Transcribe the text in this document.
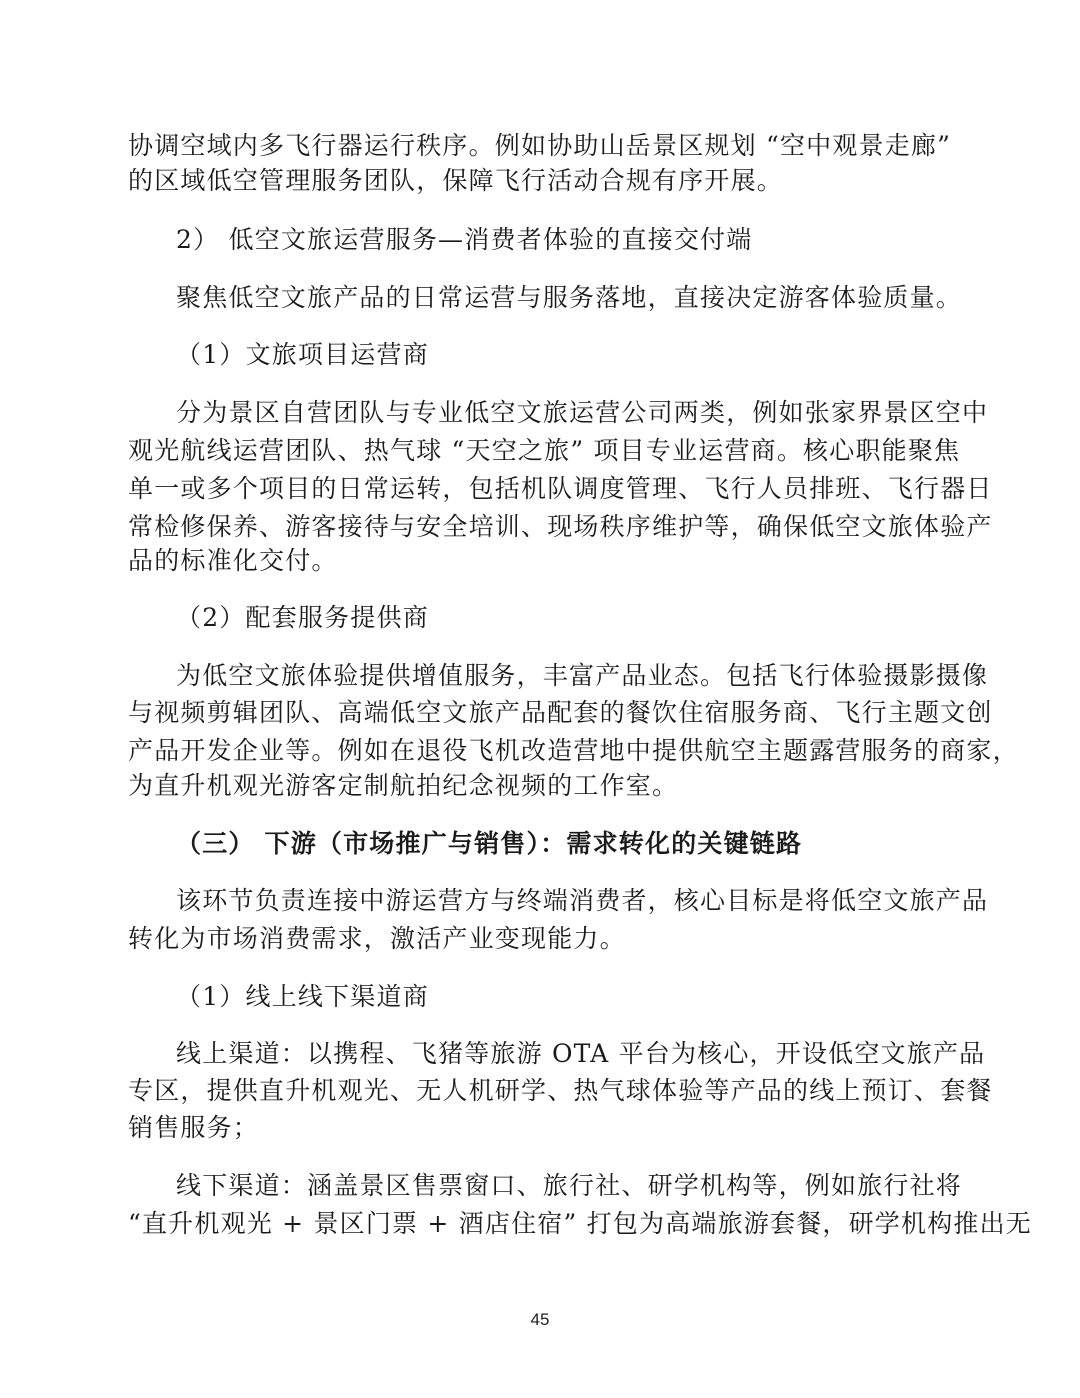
协调空域内多飞行器运行秩序。例如协助山岳景区规划 “空中观景走廊”
的区域低空管理服务团队，保障飞行活动合规有序开展。
2） 低空文旅运营服务—消费者体验的直接交付端
聚焦低空文旅产品的日常运营与服务落地，直接决定游客体验质量。
（1）文旅项目运营商
分为景区自营团队与专业低空文旅运营公司两类，例如张家界景区空中
观光航线运营团队、热气球 “天空之旅” 项目专业运营商。核心职能聚焦
单一或多个项目的日常运转，包括机队调度管理、飞行人员排班、飞行器日
常检修保养、游客接待与安全培训、现场秩序维护等，确保低空文旅体验产
品的标准化交付。
（2）配套服务提供商
为低空文旅体验提供增值服务，丰富产品业态。包括飞行体验摄影摄像
与视频剪辑团队、高端低空文旅产品配套的餐饮住宿服务商、飞行主题文创
产品开发企业等。例如在退役飞机改造营地中提供航空主题露营服务的商家，
为直升机观光游客定制航拍纪念视频的工作室。
（三） 下游（市场推广与销售）：需求转化的关键链路
该环节负责连接中游运营方与终端消费者，核心目标是将低空文旅产品
转化为市场消费需求，激活产业变现能力。
（1）线上线下渠道商
线上渠道：以携程、飞猪等旅游 OTA 平台为核心，开设低空文旅产品
专区，提供直升机观光、无人机研学、热气球体验等产品的线上预订、套餐
销售服务；
线下渠道：涵盖景区售票窗口、旅行社、研学机构等，例如旅行社将
“直升机观光 + 景区门票 + 酒店住宿” 打包为高端旅游套餐，研学机构推出无
45
